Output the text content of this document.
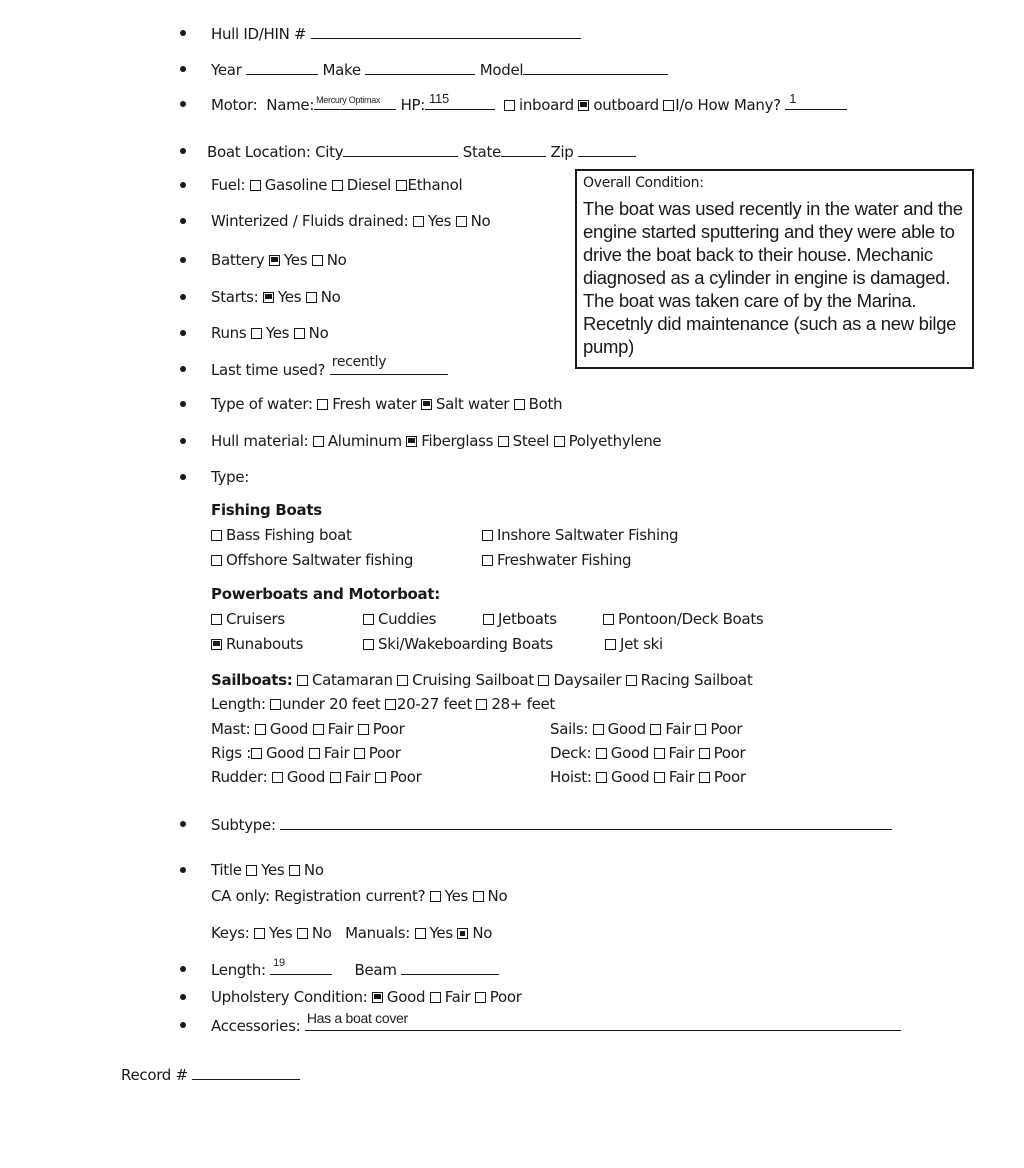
Hull ID/HIN #
Year	Make	Model
Motor: Name: Mercury Optimax HP: 115	inboard outboard I/o How Many? 1
Boat Location: City	State	Zip
Fuel: Gasoline Diesel Ethanol
Winterized / Fluids drained: Yes No
Battery Yes No
Starts: Yes No
Runs Yes No
Last time used? recently
Overall Condition:
The boat was used recently in the water and the engine started sputtering and they were able to drive the boat back to their house. Mechanic diagnosed as a cylinder in engine is damaged. The boat was taken care of by the Marina. Recetnly did maintenance (such as a new bilge pump)
Type of water: Fresh water Salt water Both
Hull material: Aluminum Fiberglass Steel Polyethylene
Type:
Fishing Boats
Bass Fishing boat	Inshore Saltwater Fishing
Offshore Saltwater fishing	Freshwater Fishing
Powerboats and Motorboat:
Cruisers	Cuddies	Jetboats	Pontoon/Deck Boats
Runabouts	Ski/Wakeboarding Boats	Jet ski
Sailboats: Catamaran Cruising Sailboat Daysailer Racing Sailboat
Length: under 20 feet 20-27 feet 28+ feet
Mast: Good Fair Poor	Sails: Good Fair Poor
Rigs : Good Fair Poor	Deck: Good Fair Poor
Rudder: Good Fair Poor	Hoist: Good Fair Poor
Subtype:
Title Yes No
CA only: Registration current? Yes No
Keys: Yes No Manuals: Yes No
Length: 19	Beam
Upholstery Condition: Good Fair Poor
Accessories: Has a boat cover
Record #
